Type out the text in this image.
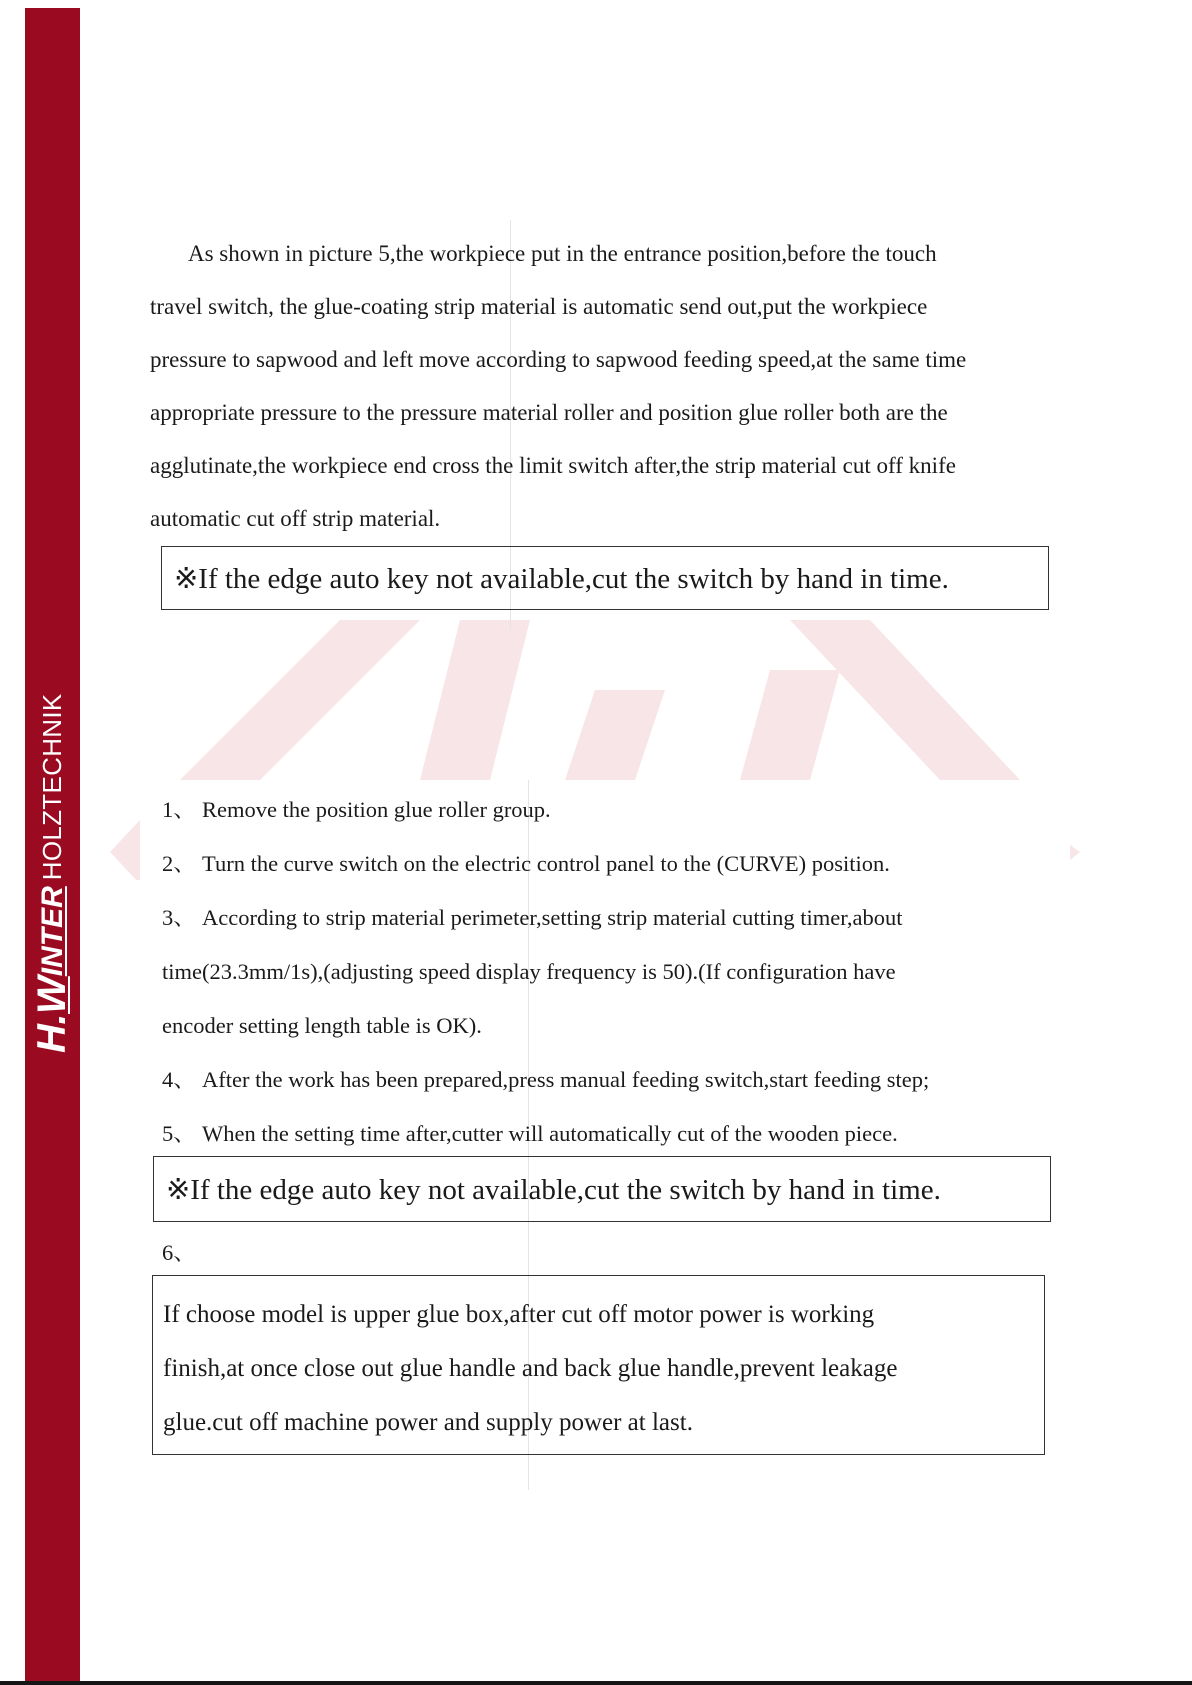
H.
W
INTER
HOLZTECHNIK
As shown in picture 5,the workpiece put in the entrance position,before the touch
travel switch, the glue-coating strip material is automatic send out,put the workpiece
pressure to sapwood and left move according to sapwood feeding speed,at the same time
appropriate pressure to the pressure material roller and position glue roller both are the
agglutinate,the workpiece end cross the limit switch after,the strip material cut off knife
automatic cut off strip material.
※If the edge auto key not available,cut the switch by hand in time.
1、 Remove the position glue roller group.
2、 Turn the curve switch on the electric control panel to the (CURVE) position.
3、 According to strip material perimeter,setting strip material cutting timer,about
time(23.3mm/1s),(adjusting speed display frequency is 50).(If configuration have
encoder setting length table is OK).
4、 After the work has been prepared,press manual feeding switch,start feeding step;
5、 When the setting time after,cutter will automatically cut of the wooden piece.
※If the edge auto key not available,cut the switch by hand in time.
6、
If choose model is upper glue box,after cut off motor power is working
finish,at once close out glue handle and back glue handle,prevent leakage
glue.cut off machine power and supply power at last.
